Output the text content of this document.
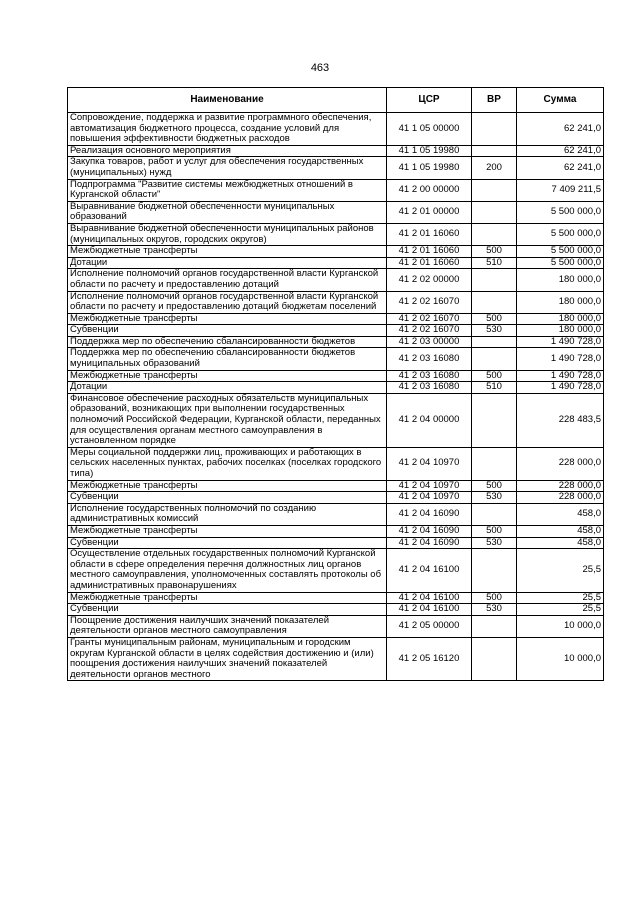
463
Наименование	ЦСР	ВР	Сумма
Сопровождение, поддержка и развитие программного обеспечения, автоматизация бюджетного процесса, создание условий для повышения эффективности бюджетных расходов	41 1 05 00000		62 241,0
Реализация основного мероприятия	41 1 05 19980		62 241,0
Закупка товаров, работ и услуг для обеспечения государственных (муниципальных) нужд	41 1 05 19980	200	62 241,0
Подпрограмма "Развитие системы межбюджетных отношений в Курганской области"	41 2 00 00000		7 409 211,5
Выравнивание бюджетной обеспеченности муниципальных образований	41 2 01 00000		5 500 000,0
Выравнивание бюджетной обеспеченности муниципальных районов (муниципальных округов, городских округов)	41 2 01 16060		5 500 000,0
Межбюджетные трансферты	41 2 01 16060	500	5 500 000,0
Дотации	41 2 01 16060	510	5 500 000,0
Исполнение полномочий органов государственной власти Курганской области по расчету и предоставлению дотаций	41 2 02 00000		180 000,0
Исполнение полномочий органов государственной власти Курганской области по расчету и предоставлению дотаций бюджетам поселений	41 2 02 16070		180 000,0
Межбюджетные трансферты	41 2 02 16070	500	180 000,0
Субвенции	41 2 02 16070	530	180 000,0
Поддержка мер по обеспечению сбалансированности бюджетов	41 2 03 00000		1 490 728,0
Поддержка мер по обеспечению сбалансированности бюджетов муниципальных образований	41 2 03 16080		1 490 728,0
Межбюджетные трансферты	41 2 03 16080	500	1 490 728,0
Дотации	41 2 03 16080	510	1 490 728,0
Финансовое обеспечение расходных обязательств муниципальных образований, возникающих при выполнении государственных полномочий Российской Федерации, Курганской области, переданных для осуществления органам местного самоуправления в установленном порядке	41 2 04 00000		228 483,5
Меры социальной поддержки лиц, проживающих и работающих в сельских населенных пунктах, рабочих поселках (поселках городского типа)	41 2 04 10970		228 000,0
Межбюджетные трансферты	41 2 04 10970	500	228 000,0
Субвенции	41 2 04 10970	530	228 000,0
Исполнение государственных полномочий по созданию административных комиссий	41 2 04 16090		458,0
Межбюджетные трансферты	41 2 04 16090	500	458,0
Субвенции	41 2 04 16090	530	458,0
Осуществление отдельных государственных полномочий Курганской области в сфере определения перечня должностных лиц органов местного самоуправления, уполномоченных составлять протоколы об административных правонарушениях	41 2 04 16100		25,5
Межбюджетные трансферты	41 2 04 16100	500	25,5
Субвенции	41 2 04 16100	530	25,5
Поощрение достижения наилучших значений показателей деятельности органов местного самоуправления	41 2 05 00000		10 000,0
Гранты муниципальным районам, муниципальным и городским округам Курганской области в целях содействия достижению и (или) поощрения достижения наилучших значений показателей деятельности органов местного	41 2 05 16120		10 000,0
